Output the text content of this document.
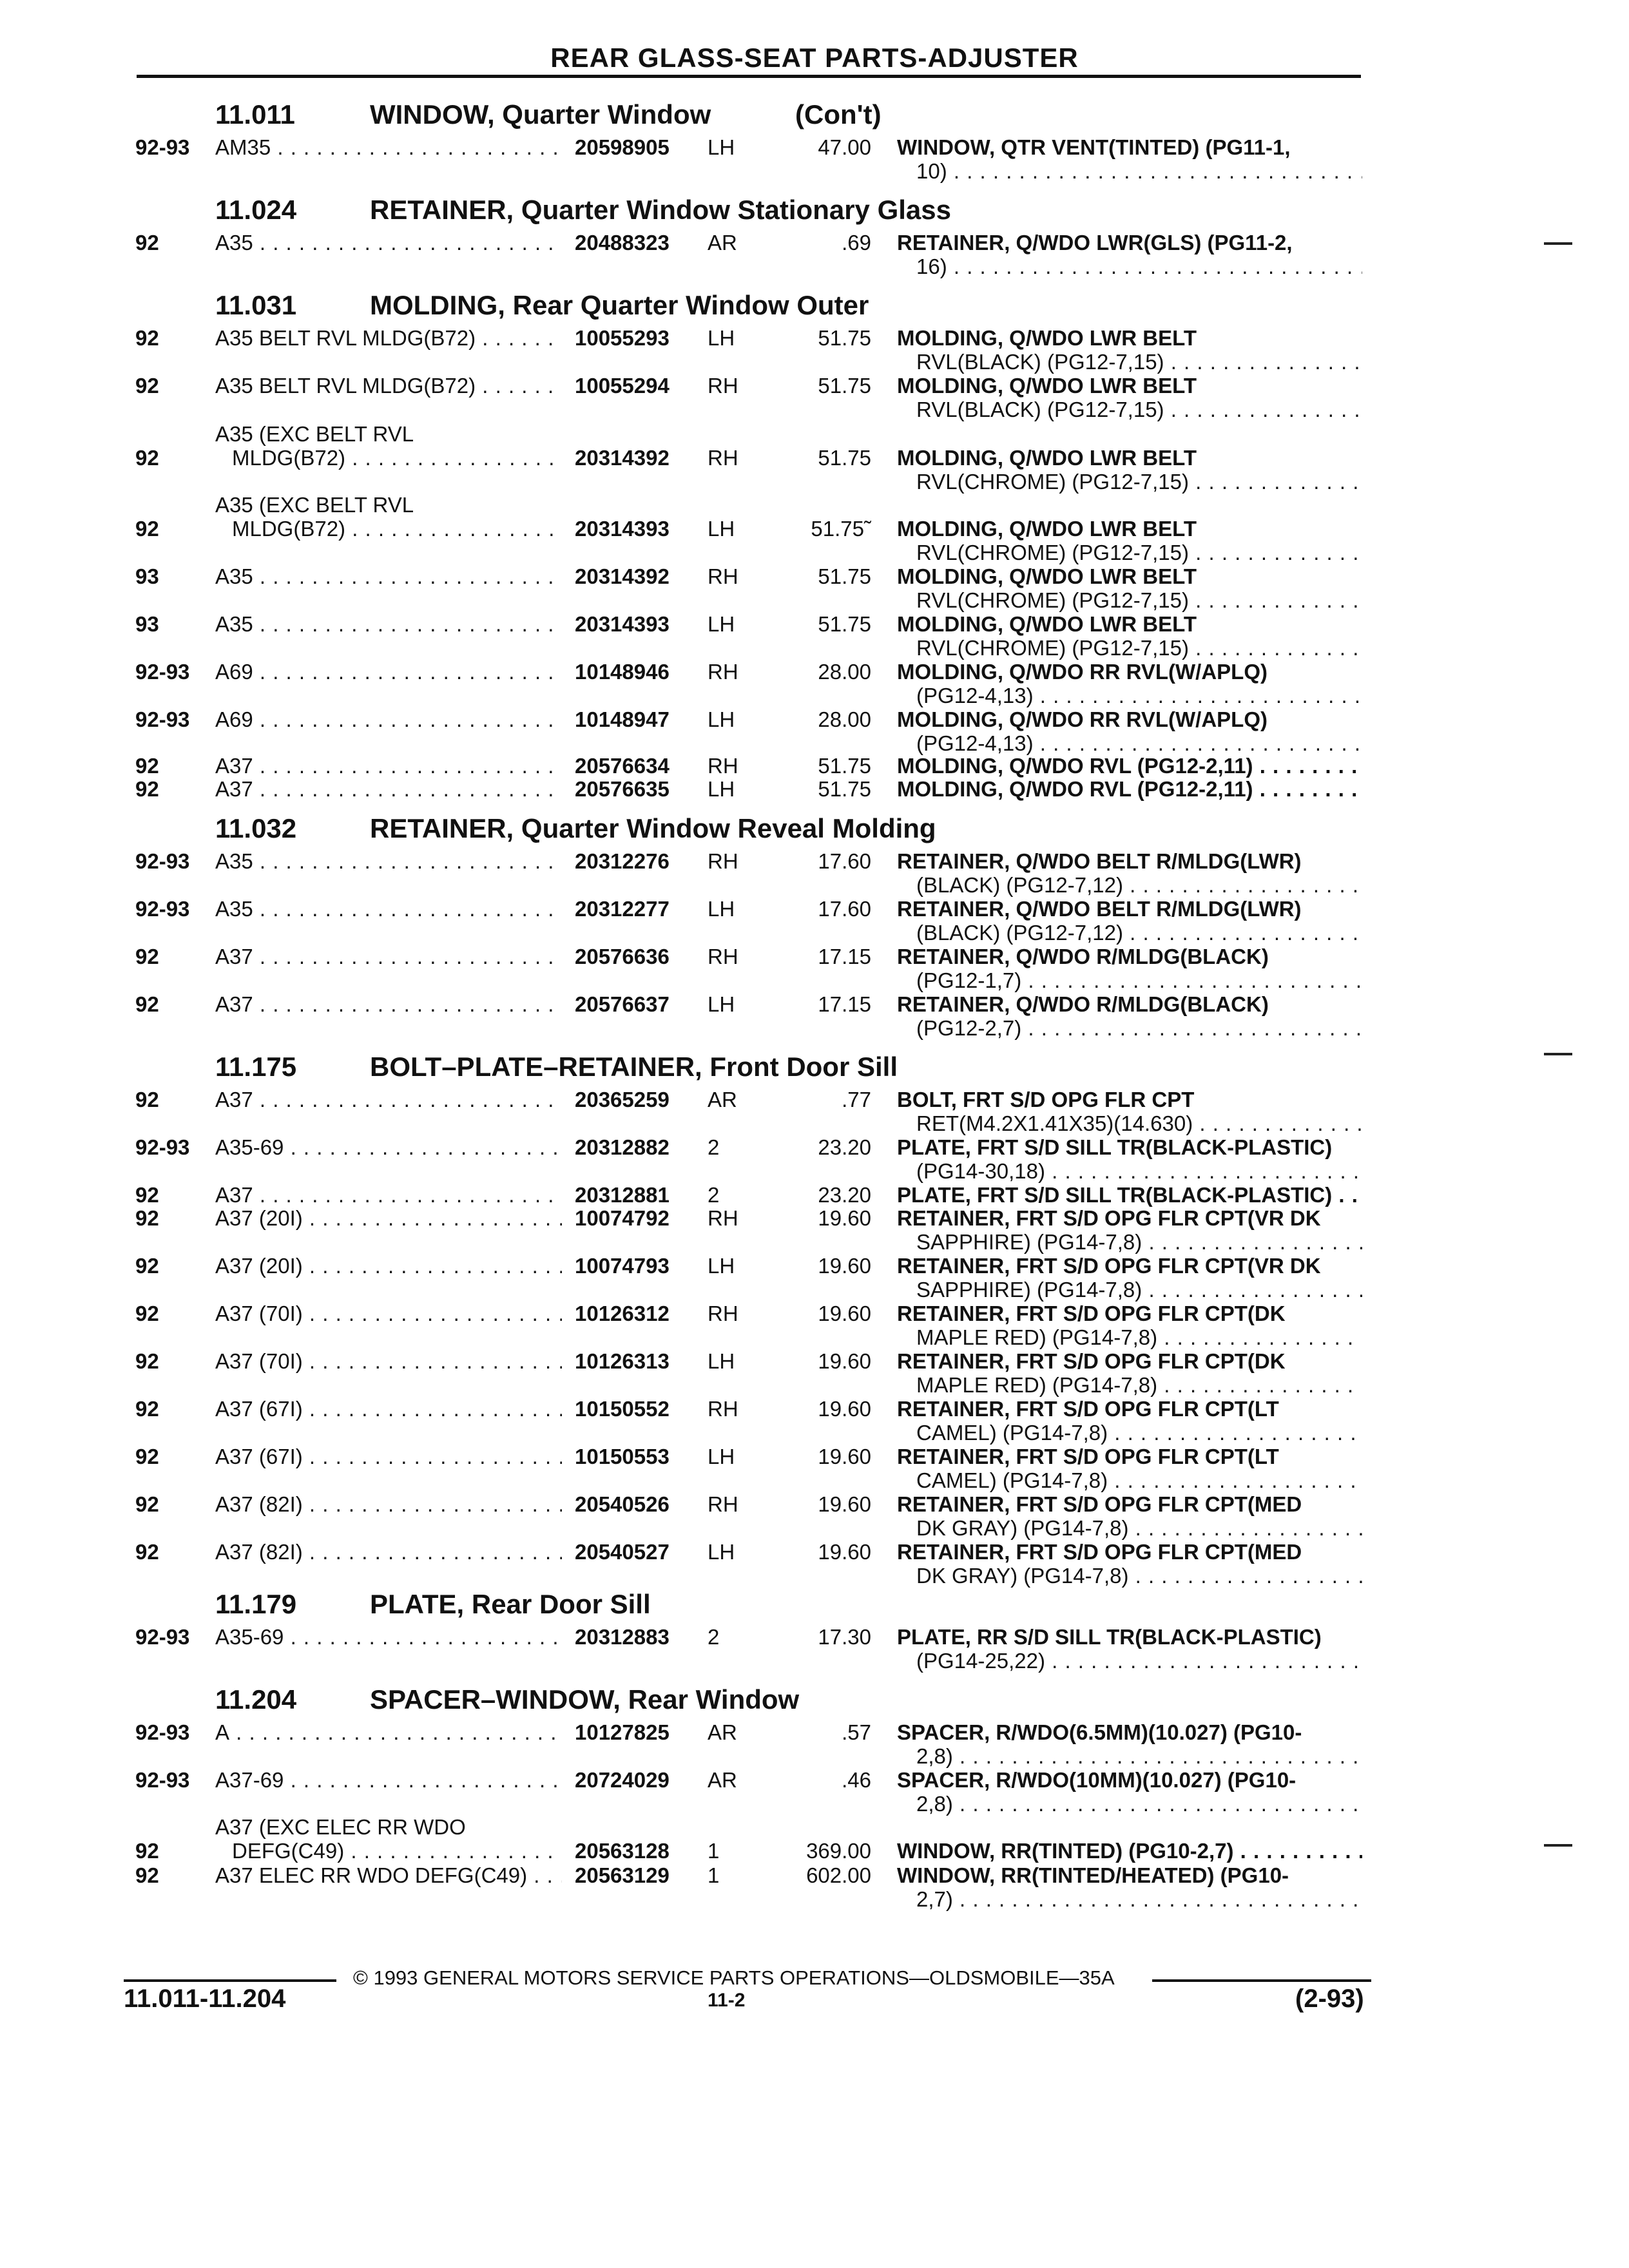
REAR GLASS-SEAT PARTS-ADJUSTER
11.011	WINDOW, Quarter Window	(Con't)
92-93 AM35 . . .	20598905 LH	47.00 WINDOW, QTR VENT(TINTED) (PG11-1,
10) . . .
11.024	RETAINER, Quarter Window Stationary Glass
92	A35 . . .	20488323 AR	.69 RETAINER, Q/WDO LWR(GLS) (PG11-2,
16) . . .
11.031	MOLDING, Rear Quarter Window Outer
92	A35 BELT RVL MLDG(B72) . . .	10055293 LH	51.75 MOLDING, Q/WDO LWR BELT
RVL(BLACK) (PG12-7,15) . . .
92	A35 BELT RVL MLDG(B72) . . .	10055294 RH	51.75 MOLDING, Q/WDO LWR BELT
RVL(BLACK) (PG12-7,15) . . .
92
A35 (EXC BELT RVL
MLDG(B72) . . .	20314392 RH	51.75 MOLDING, Q/WDO LWR BELT
RVL(CHROME) (PG12-7,15) . . .
92
A35 (EXC BELT RVL
MLDG(B72) . . .	20314393 LH	51.75˜ MOLDING, Q/WDO LWR BELT
RVL(CHROME) (PG12-7,15) . . .
93	A35 . . .	20314392 RH	51.75 MOLDING, Q/WDO LWR BELT
RVL(CHROME) (PG12-7,15) . . .
93	A35 . . .	20314393 LH	51.75 MOLDING, Q/WDO LWR BELT
RVL(CHROME) (PG12-7,15) . . .
92-93 A69 . . .	10148946 RH	28.00 MOLDING, Q/WDO RR RVL(W/APLQ)
(PG12-4,13) . . .
92-93 A69 . . .	10148947 LH	28.00 MOLDING, Q/WDO RR RVL(W/APLQ)
(PG12-4,13) . . .
92	A37 . . .	20576634 RH	51.75 MOLDING, Q/WDO RVL (PG12-2,11) . . .
92	A37 . . .	20576635 LH	51.75 MOLDING, Q/WDO RVL (PG12-2,11) . . .
11.032	RETAINER, Quarter Window Reveal Molding
92-93 A35 . . .	20312276 RH	17.60 RETAINER, Q/WDO BELT R/MLDG(LWR)
(BLACK) (PG12-7,12) . . .
92-93 A35 . . .	20312277 LH	17.60 RETAINER, Q/WDO BELT R/MLDG(LWR)
(BLACK) (PG12-7,12) . . .
92	A37 . . .	20576636 RH	17.15 RETAINER, Q/WDO R/MLDG(BLACK)
(PG12-1,7) . . .
92	A37 . . .	20576637 LH	17.15 RETAINER, Q/WDO R/MLDG(BLACK)
(PG12-2,7) . . .
11.175	BOLT–PLATE–RETAINER, Front Door Sill
92	A37 . . .	20365259 AR	.77 BOLT, FRT S/D OPG FLR CPT
RET(M4.2X1.41X35)(14.630) . . .
92-93 A35-69 . . .	20312882 2	23.20 PLATE, FRT S/D SILL TR(BLACK-PLASTIC)
(PG14-30,18) . . .
92	A37 . . .	20312881 2	23.20 PLATE, FRT S/D SILL TR(BLACK-PLASTIC) . . .
92	A37 (20I) . . .	10074792 RH	19.60 RETAINER, FRT S/D OPG FLR CPT(VR DK
SAPPHIRE) (PG14-7,8) . . .
92	A37 (20I) . . .	10074793 LH	19.60 RETAINER, FRT S/D OPG FLR CPT(VR DK
SAPPHIRE) (PG14-7,8) . . .
92	A37 (70I) . . .	10126312 RH	19.60 RETAINER, FRT S/D OPG FLR CPT(DK
MAPLE RED) (PG14-7,8) . . .
92	A37 (70I) . . .	10126313 LH	19.60 RETAINER, FRT S/D OPG FLR CPT(DK
MAPLE RED) (PG14-7,8) . . .
92	A37 (67I) . . .	10150552 RH	19.60 RETAINER, FRT S/D OPG FLR CPT(LT
CAMEL) (PG14-7,8) . . .
92	A37 (67I) . . .	10150553 LH	19.60 RETAINER, FRT S/D OPG FLR CPT(LT
CAMEL) (PG14-7,8) . . .
92	A37 (82I) . . .	20540526 RH	19.60 RETAINER, FRT S/D OPG FLR CPT(MED
DK GRAY) (PG14-7,8) . . .
92	A37 (82I) . . .	20540527 LH	19.60 RETAINER, FRT S/D OPG FLR CPT(MED
DK GRAY) (PG14-7,8) . . .
11.179	PLATE, Rear Door Sill
92-93 A35-69 . . .	20312883 2	17.30 PLATE, RR S/D SILL TR(BLACK-PLASTIC)
(PG14-25,22) . . .
11.204	SPACER–WINDOW, Rear Window
92-93 A . . .	10127825 AR	.57 SPACER, R/WDO(6.5MM)(10.027) (PG10-
2,8) . . .
92-93 A37-69 . . .	20724029 AR	.46 SPACER, R/WDO(10MM)(10.027) (PG10-
2,8) . . .
92
A37 (EXC ELEC RR WDO
DEFG(C49) . . .	20563128 1	369.00 WINDOW, RR(TINTED) (PG10-2,7) . . .
92	A37 ELEC RR WDO DEFG(C49) . . .	20563129 1	602.00 WINDOW, RR(TINTED/HEATED) (PG10-
2,7) . . .
© 1993 GENERAL MOTORS SERVICE PARTS OPERATIONS—OLDSMOBILE—35A
11.011-11.204	11-2	(2-93)
